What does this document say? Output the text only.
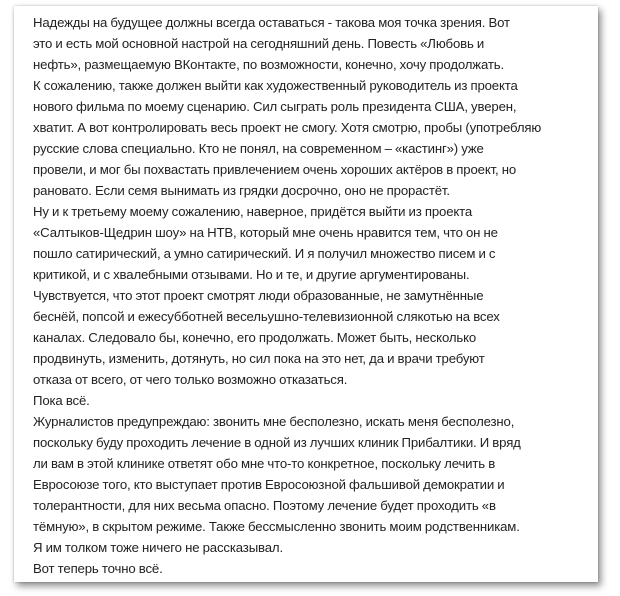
Надежды на будущее должны всегда оставаться - такова моя точка зрения. Вот
это и есть мой основной настрой на сегодняшний день. Повесть «Любовь и
нефть», размещаемую ВКонтакте, по возможности, конечно, хочу продолжать.
К сожалению, также должен выйти как художественный руководитель из проекта
нового фильма по моему сценарию. Сил сыграть роль президента США, уверен,
хватит. А вот контролировать весь проект не смогу. Хотя смотрю, пробы (употребляю
русские слова специально. Кто не понял, на современном – «кастинг») уже
провели, и мог бы похвастать привлечением очень хороших актёров в проект, но
рановато. Если семя вынимать из грядки досрочно, оно не прорастёт.
Ну и к третьему моему сожалению, наверное, придётся выйти из проекта
«Салтыков-Щедрин шоу» на НТВ, который мне очень нравится тем, что он не
пошло сатирический, а умно сатирический. И я получил множество писем и с
критикой, и с хвалебными отзывами. Но и те, и другие аргументированы.
Чувствуется, что этот проект смотрят люди образованные, не замутнённые
беснёй, попсой и ежесубботней весельушно-телевизионной слякотью на всех
каналах. Следовало бы, конечно, его продолжать. Может быть, несколько
продвинуть, изменить, дотянуть, но сил пока на это нет, да и врачи требуют
отказа от всего, от чего только возможно отказаться.
Пока всё.
Журналистов предупреждаю: звонить мне бесполезно, искать меня бесполезно,
поскольку буду проходить лечение в одной из лучших клиник Прибалтики. И вряд
ли вам в этой клинике ответят обо мне что-то конкретное, поскольку лечить в
Евросоюзе того, кто выступает против Евросоюзной фальшивой демократии и
толерантности, для них весьма опасно. Поэтому лечение будет проходить «в
тёмную», в скрытом режиме. Также бессмысленно звонить моим родственникам.
Я им толком тоже ничего не рассказывал.
Вот теперь точно всё.
